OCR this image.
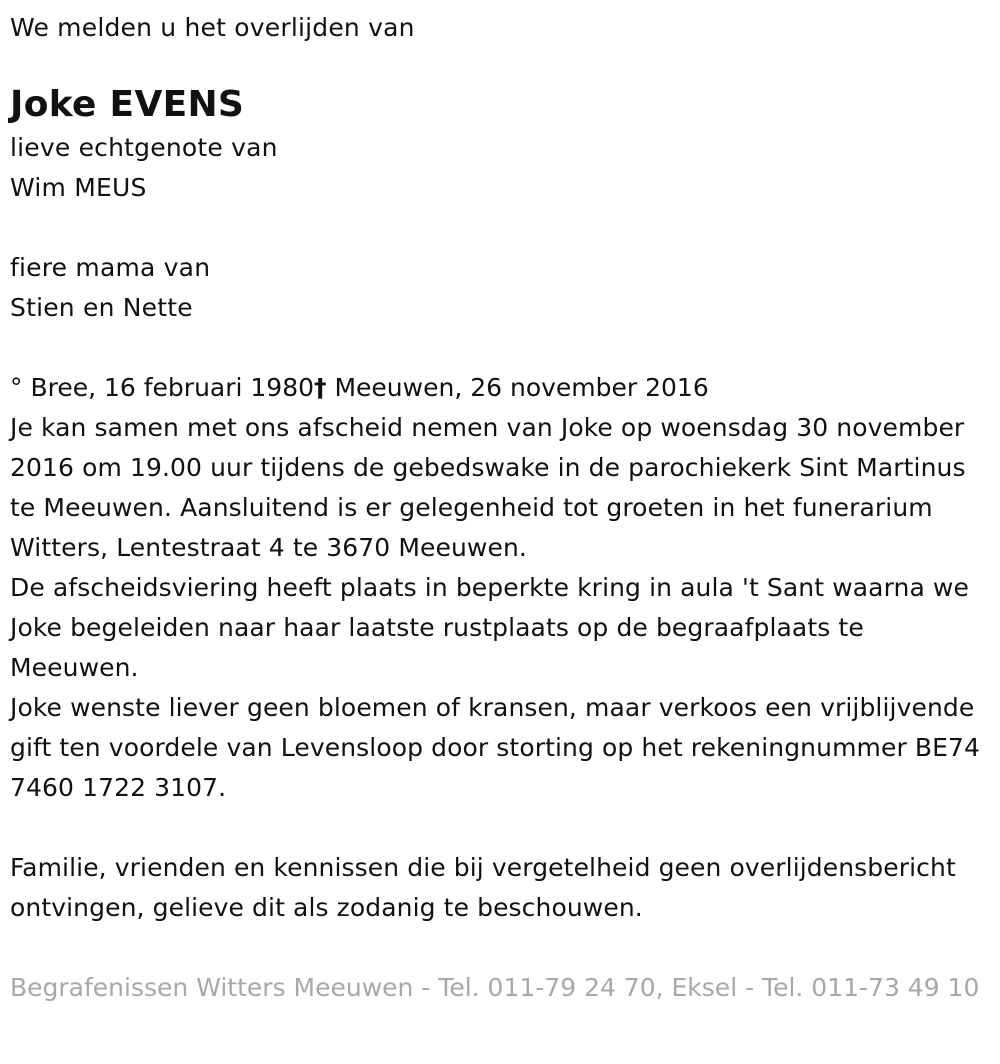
We melden u het overlijden van
Joke EVENS
lieve echtgenote van
Wim MEUS
fiere mama van
Stien en Nette
° Bree, 16 februari 1980† Meeuwen, 26 november 2016
Je kan samen met ons afscheid nemen van Joke op woensdag 30 november 2016 om 19.00 uur tijdens de gebedswake in de parochiekerk Sint Martinus te Meeuwen. Aansluitend is er gelegenheid tot groeten in het funerarium Witters, Lentestraat 4 te 3670 Meeuwen.
De afscheidsviering heeft plaats in beperkte kring in aula 't Sant waarna we Joke begeleiden naar haar laatste rustplaats op de begraafplaats te Meeuwen.
Joke wenste liever geen bloemen of kransen, maar verkoos een vrijblijvende gift ten voordele van Levensloop door storting op het rekeningnummer BE74 7460 1722 3107.
Familie, vrienden en kennissen die bij vergetelheid geen overlijdensbericht ontvingen, gelieve dit als zodanig te beschouwen.
Begrafenissen Witters Meeuwen - Tel. 011-79 24 70, Eksel - Tel. 011-73 49 10
